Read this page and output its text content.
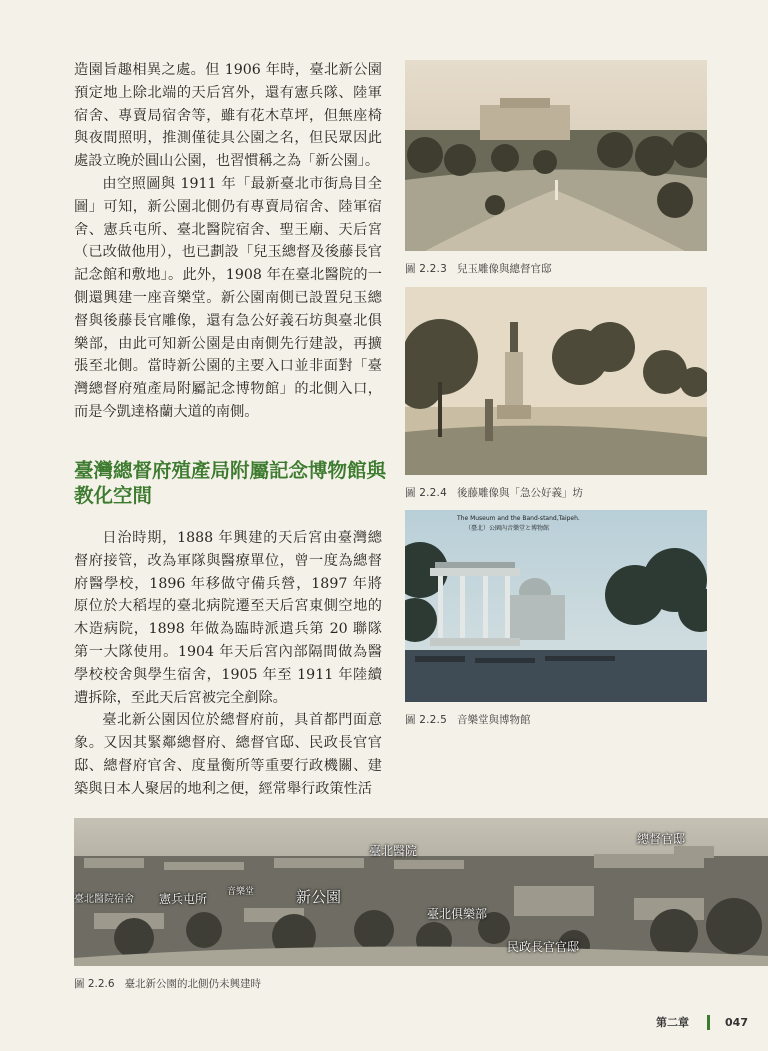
造園旨趣相異之處。但 1906 年時，臺北新公園預定地上除北端的天后宮外，還有憲兵隊、陸軍宿舍、專賣局宿舍等，雖有花木草坪，但無座椅與夜間照明，推測僅徒具公園之名，但民眾因此處設立晚於圓山公園，也習慣稱之為「新公園」。

由空照圖與 1911 年「最新臺北市街鳥目全圖」可知，新公園北側仍有專賣局宿舍、陸軍宿舍、憲兵屯所、臺北醫院宿舍、聖王廟、天后宮（已改做他用），也已劃設「兒玉總督及後藤長官記念館和敷地」。此外，1908 年在臺北醫院的一側還興建一座音樂堂。新公園南側已設置兒玉總督與後藤長官雕像，還有急公好義石坊與臺北俱樂部，由此可知新公園是由南側先行建設，再擴張至北側。當時新公園的主要入口並非面對「臺灣總督府殖產局附屬記念博物館」的北側入口，而是今凱達格蘭大道的南側。

臺灣總督府殖產局附屬記念博物館與教化空間

日治時期，1888 年興建的天后宮由臺灣總督府接管，改為軍隊與醫療單位，曾一度為總督府醫學校，1896 年移做守備兵營，1897 年將原位於大稻埕的臺北病院遷至天后宮東側空地的木造病院，1898 年做為臨時派遣兵第 20 聯隊第一大隊使用。1904 年天后宮內部隔間做為醫學校校舍與學生宿舍，1905 年至 1911 年陸續遭拆除，至此天后宮被完全剷除。

臺北新公園因位於總督府前，具首都門面意象。又因其緊鄰總督府、總督官邸、民政長官官邸、總督府官舍、度量衡所等重要行政機關、建築與日本人聚居的地利之便，經常舉行政策性活

圖 2.2.3 兒玉雕像與總督官邸
圖 2.2.4 後藤雕像與「急公好義」坊
The Museum and the Band-stand,Taipeh.
（臺北）公園內音樂堂と博物館
圖 2.2.5 音樂堂與博物館
臺北醫院
總督官邸
臺北醫院宿舍 憲兵屯所 音樂堂	新公園
臺北俱樂部
民政長官官邸
圖 2.2.6 臺北新公園的北側仍未興建時
第二章	047
